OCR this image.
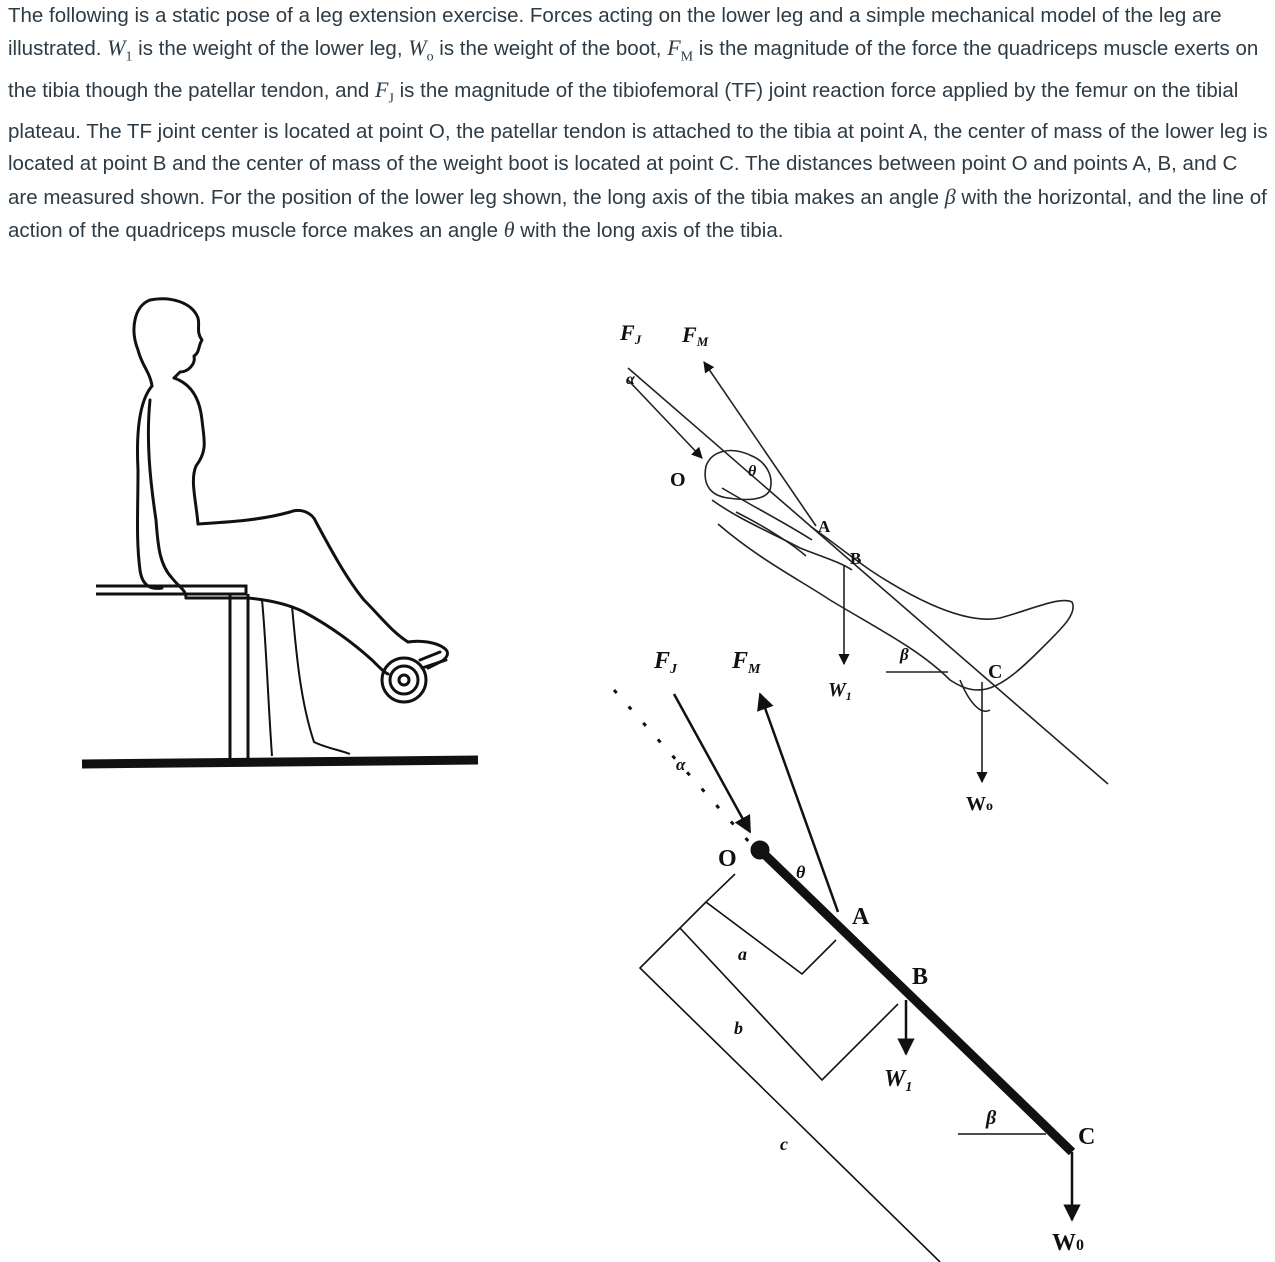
The following is a static pose of a leg extension exercise. Forces acting on the lower leg and a simple mechanical model of the leg are illustrated. $W_1$ is the weight of the lower leg, $W_o$ is the weight of the boot, $F_M$ is the magnitude of the force the quadriceps muscle exerts on the tibia though the patellar tendon, and $F_J$ is the magnitude of the tibiofemoral (TF) joint reaction force applied by the femur on the tibial plateau. The TF joint center is located at point O, the patellar tendon is attached to the tibia at point A, the center of mass of the lower leg is located at point B and the center of mass of the weight boot is located at point C. The distances between point O and points A, B, and C are measured shown. For the position of the lower leg shown, the long axis of the tibia makes an angle β with the horizontal, and the line of action of the quadriceps muscle force makes an angle θ with the long axis of the tibia.

FJ FM
α
O	θ
A
B
β
C
$W_1$
Wo
$F_J$ $F_M$
α
O	θ
A
B
C
β
$W_1$
W0
a
b
c
